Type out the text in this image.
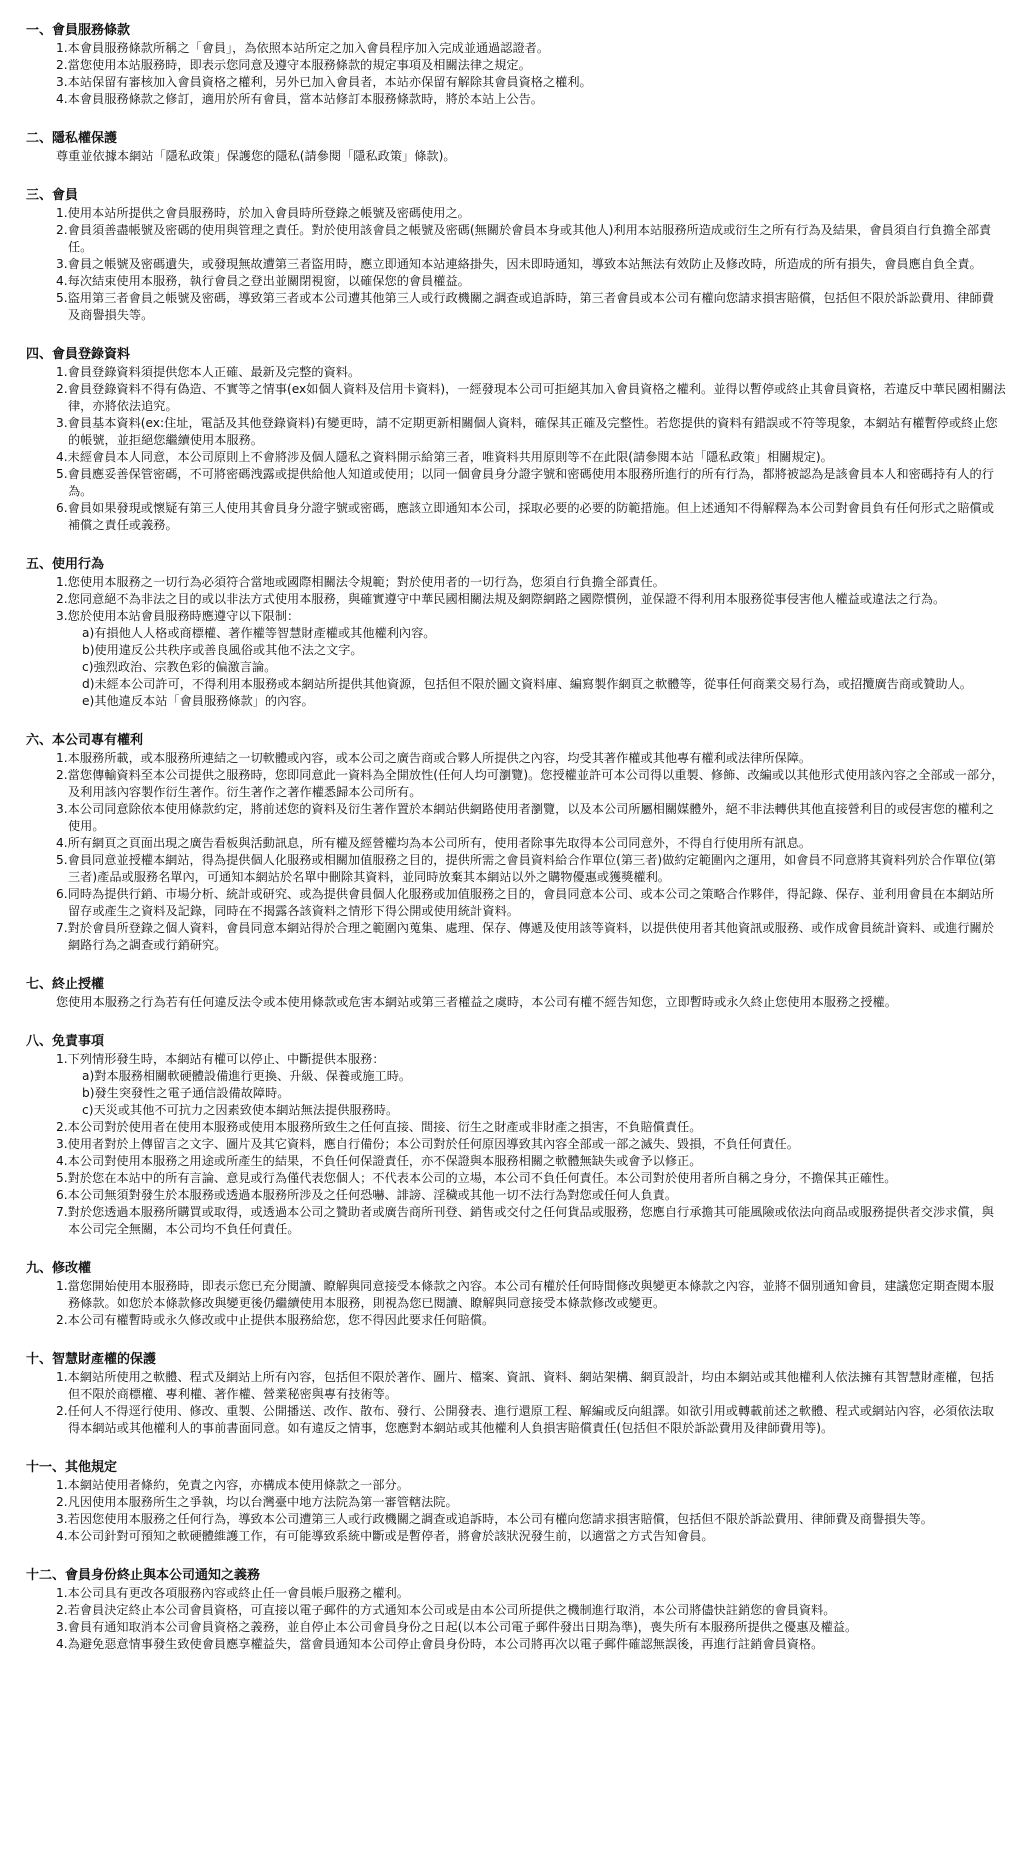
一、會員服務條款
1.本會員服務條款所稱之「會員」，為依照本站所定之加入會員程序加入完成並通過認證者。
2.當您使用本站服務時，即表示您同意及遵守本服務條款的規定事項及相關法律之規定。
3.本站保留有審核加入會員資格之權利，另外已加入會員者，本站亦保留有解除其會員資格之權利。
4.本會員服務條款之修訂，適用於所有會員，當本站修訂本服務條款時，將於本站上公告。
二、隱私權保護
尊重並依據本網站「隱私政策」保護您的隱私(請參閱「隱私政策」條款)。
三、會員
1.使用本站所提供之會員服務時，於加入會員時所登錄之帳號及密碼使用之。
2.會員須善盡帳號及密碼的使用與管理之責任。對於使用該會員之帳號及密碼(無關於會員本身或其他人)利用本站服務所造成或衍生之所有行為及結果，會員須自行負擔全部責任。
3.會員之帳號及密碼遺失，或發現無故遭第三者盜用時，應立即通知本站連絡掛失，因未即時通知，導致本站無法有效防止及修改時，所造成的所有損失，會員應自負全責。
4.每次結束使用本服務，執行會員之登出並關閉視窗，以確保您的會員權益。
5.盜用第三者會員之帳號及密碼，導致第三者或本公司遭其他第三人或行政機關之調查或追訴時，第三者會員或本公司有權向您請求損害賠償，包括但不限於訴訟費用、律師費及商譽損失等。
四、會員登錄資料
1.會員登錄資料須提供您本人正確、最新及完整的資料。
2.會員登錄資料不得有偽造、不實等之情事(ex如個人資料及信用卡資料)，一經發現本公司可拒絕其加入會員資格之權利。並得以暫停或終止其會員資格，若違反中華民國相關法律，亦將依法追究。
3.會員基本資料(ex:住址，電話及其他登錄資料)有變更時，請不定期更新相關個人資料，確保其正確及完整性。若您提供的資料有錯誤或不符等現象，本網站有權暫停或終止您的帳號，並拒絕您繼續使用本服務。
4.未經會員本人同意，本公司原則上不會將涉及個人隱私之資料開示給第三者，唯資料共用原則等不在此限(請參閱本站「隱私政策」相關規定)。
5.會員應妥善保管密碼，不可將密碼洩露或提供給他人知道或使用；以同一個會員身分證字號和密碼使用本服務所進行的所有行為，都將被認為是該會員本人和密碼持有人的行為。
6.會員如果發現或懷疑有第三人使用其會員身分證字號或密碼，應該立即通知本公司，採取必要的必要的防範措施。但上述通知不得解釋為本公司對會員負有任何形式之賠償或補償之責任或義務。
五、使用行為
1.您使用本服務之一切行為必須符合當地或國際相關法令規範；對於使用者的一切行為，您須自行負擔全部責任。
2.您同意絕不為非法之目的或以非法方式使用本服務，與確實遵守中華民國相關法規及網際網路之國際慣例，並保證不得利用本服務從事侵害他人權益或違法之行為。
3.您於使用本站會員服務時應遵守以下限制：
a)有損他人人格或商標權、著作權等智慧財產權或其他權利內容。
b)使用違反公共秩序或善良風俗或其他不法之文字。
c)強烈政治、宗教色彩的偏激言論。
d)未經本公司許可，不得利用本服務或本網站所提供其他資源，包括但不限於圖文資料庫、編寫製作網頁之軟體等，從事任何商業交易行為，或招攬廣告商或贊助人。
e)其他違反本站「會員服務條款」的內容。
六、本公司專有權利
1.本服務所載，或本服務所連結之一切軟體或內容，或本公司之廣告商或合夥人所提供之內容，均受其著作權或其他專有權利或法律所保障。
2.當您傳輸資料至本公司提供之服務時，您即同意此一資料為全開放性(任何人均可瀏覽)。您授權並許可本公司得以重製、修飾、改編或以其他形式使用該內容之全部或一部分，及利用該內容製作衍生著作。衍生著作之著作權悉歸本公司所有。
3.本公司同意除依本使用條款約定，將前述您的資料及衍生著作置於本網站供網路使用者瀏覽，以及本公司所屬相關媒體外，絕不非法轉供其他直接營利目的或侵害您的權利之使用。
4.所有網頁之頁面出現之廣告看板與活動訊息，所有權及經營權均為本公司所有，使用者除事先取得本公司同意外，不得自行使用所有訊息。
5.會員同意並授權本網站，得為提供個人化服務或相關加值服務之目的，提供所需之會員資料給合作單位(第三者)做約定範圍內之運用，如會員不同意將其資料列於合作單位(第三者)產品或服務名單內，可通知本網站於名單中刪除其資料，並同時放棄其本網站以外之購物優惠或獲獎權利。
6.同時為提供行銷、市場分析、統計或研究、或為提供會員個人化服務或加值服務之目的，會員同意本公司、或本公司之策略合作夥伴，得記錄、保存、並利用會員在本網站所留存或產生之資料及記錄，同時在不揭露各該資料之情形下得公開或使用統計資料。
7.對於會員所登錄之個人資料，會員同意本網站得於合理之範圍內蒐集、處理、保存、傳遞及使用該等資料，以提供使用者其他資訊或服務、或作成會員統計資料、或進行關於網路行為之調查或行銷研究。
七、終止授權
您使用本服務之行為若有任何違反法令或本使用條款或危害本網站或第三者權益之虞時，本公司有權不經告知您，立即暫時或永久終止您使用本服務之授權。
八、免責事項
1.下列情形發生時，本網站有權可以停止、中斷提供本服務：
a)對本服務相關軟硬體設備進行更換、升級、保養或施工時。
b)發生突發性之電子通信設備故障時。
c)天災或其他不可抗力之因素致使本網站無法提供服務時。
2.本公司對於使用者在使用本服務或使用本服務所致生之任何直接、間接、衍生之財產或非財產之損害，不負賠償責任。
3.使用者對於上傳留言之文字、圖片及其它資料，應自行備份；本公司對於任何原因導致其內容全部或一部之滅失、毀損，不負任何責任。
4.本公司對使用本服務之用途或所產生的結果，不負任何保證責任，亦不保證與本服務相關之軟體無缺失或會予以修正。
5.對於您在本站中的所有言論、意見或行為僅代表您個人；不代表本公司的立場，本公司不負任何責任。本公司對於使用者所自稱之身分，不擔保其正確性。
6.本公司無須對發生於本服務或透過本服務所涉及之任何恐嚇、誹謗、淫穢或其他一切不法行為對您或任何人負責。
7.對於您透過本服務所購買或取得，或透過本公司之贊助者或廣告商所刊登、銷售或交付之任何貨品或服務，您應自行承擔其可能風險或依法向商品或服務提供者交涉求償，與本公司完全無關，本公司均不負任何責任。
九、修改權
1.當您開始使用本服務時，即表示您已充分閱讀、瞭解與同意接受本條款之內容。本公司有權於任何時間修改與變更本條款之內容，並將不個別通知會員，建議您定期查閱本服務條款。如您於本條款修改與變更後仍繼續使用本服務，則視為您已閱讀、瞭解與同意接受本條款修改或變更。
2.本公司有權暫時或永久修改或中止提供本服務給您，您不得因此要求任何賠償。
十、智慧財產權的保護
1.本網站所使用之軟體、程式及網站上所有內容，包括但不限於著作、圖片、檔案、資訊、資料、網站架構、網頁設計，均由本網站或其他權利人依法擁有其智慧財產權，包括但不限於商標權、專利權、著作權、營業秘密與專有技術等。
2.任何人不得逕行使用、修改、重製、公開播送、改作、散布、發行、公開發表、進行還原工程、解編或反向組譯。如欲引用或轉載前述之軟體、程式或網站內容，必須依法取得本網站或其他權利人的事前書面同意。如有違反之情事，您應對本網站或其他權利人負損害賠償責任(包括但不限於訴訟費用及律師費用等)。
十一、其他規定
1.本網站使用者條約，免責之內容，亦構成本使用條款之一部分。
2.凡因使用本服務所生之爭執，均以台灣臺中地方法院為第一審管轄法院。
3.若因您使用本服務之任何行為，導致本公司遭第三人或行政機關之調查或追訴時，本公司有權向您請求損害賠償，包括但不限於訴訟費用、律師費及商譽損失等。
4.本公司針對可預知之軟硬體維護工作，有可能導致系統中斷或是暫停者，將會於該狀況發生前，以適當之方式告知會員。
十二、會員身份終止與本公司通知之義務
1.本公司具有更改各項服務內容或終止任一會員帳戶服務之權利。
2.若會員決定終止本公司會員資格，可直接以電子郵件的方式通知本公司或是由本公司所提供之機制進行取消，本公司將儘快註銷您的會員資料。
3.會員有通知取消本公司會員資格之義務，並自停止本公司會員身份之日起(以本公司電子郵件發出日期為準)，喪失所有本服務所提供之優惠及權益。
4.為避免惡意情事發生致使會員應享權益失，當會員通知本公司停止會員身份時，本公司將再次以電子郵件確認無誤後，再進行註銷會員資格。
